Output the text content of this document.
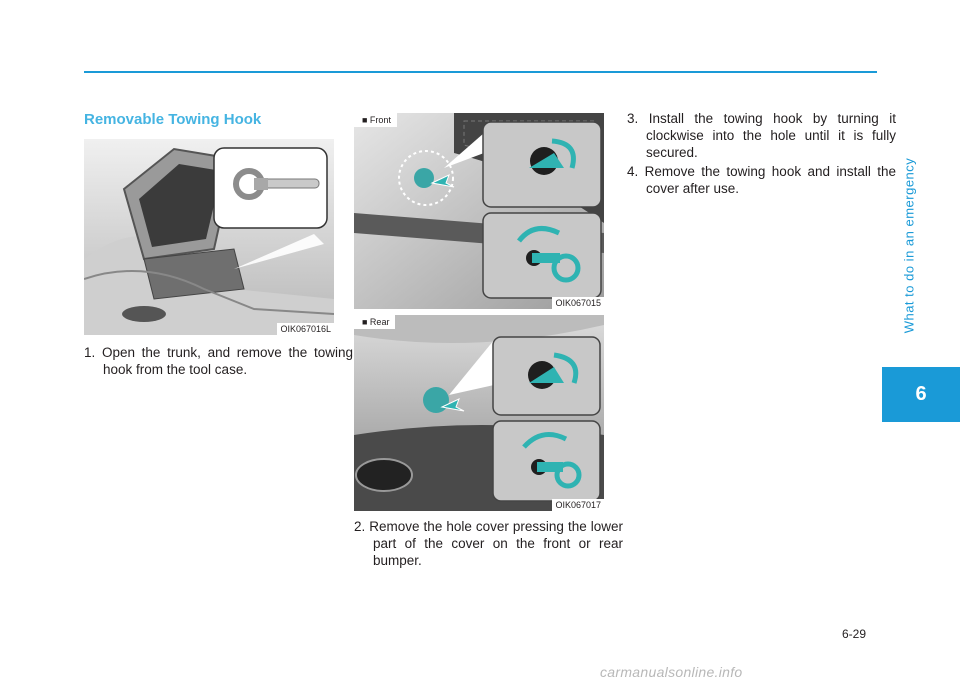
What to do in an emergency
6
Removable Towing Hook
OIK067016L
■ Front
OIK067015
■ Rear
OIK067017

1. Open the trunk, and remove the towing hook from the tool case.

2. Remove the hole cover pressing the lower part of the cover on the front or rear bumper.

3. Install the towing hook by turning it clockwise into the hole until it is fully secured.

4. Remove the towing hook and install the cover after use.

6-29
carmanualsonline.info
